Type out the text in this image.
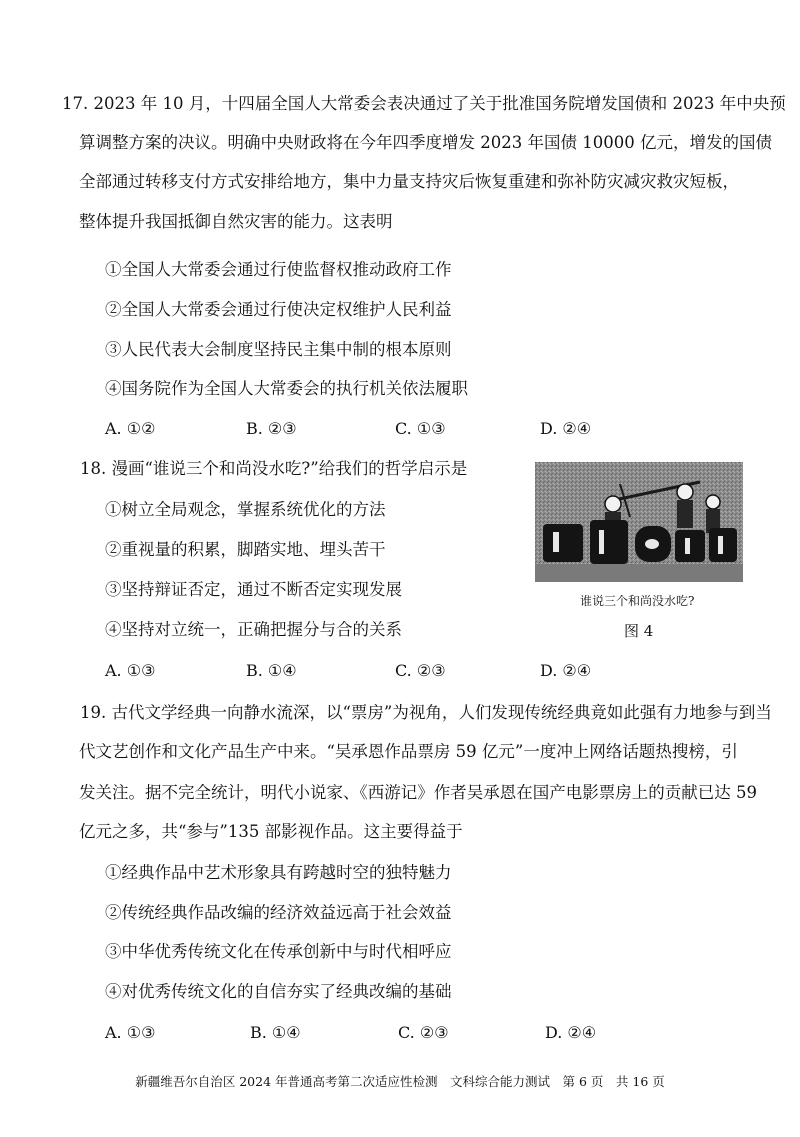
17. 2023 年 10 月，十四届全国人大常委会表决通过了关于批准国务院增发国债和 2023 年中央预
算调整方案的决议。明确中央财政将在今年四季度增发 2023 年国债 10000 亿元，增发的国债
全部通过转移支付方式安排给地方，集中力量支持灾后恢复重建和弥补防灾减灾救灾短板，
整体提升我国抵御自然灾害的能力。这表明
①全国人大常委会通过行使监督权推动政府工作
②全国人大常委会通过行使决定权维护人民利益
③人民代表大会制度坚持民主集中制的根本原则
④国务院作为全国人大常委会的执行机关依法履职
A. ①②	B. ②③	C. ①③	D. ②④
18. 漫画“谁说三个和尚没水吃?”给我们的哲学启示是
①树立全局观念，掌握系统优化的方法
②重视量的积累，脚踏实地、埋头苦干
③坚持辩证否定，通过不断否定实现发展
④坚持对立统一，正确把握分与合的关系
A. ①③	B. ①④	C. ②③	D. ②④
谁说三个和尚没水吃?
图 4
19. 古代文学经典一向静水流深，以“票房”为视角，人们发现传统经典竟如此强有力地参与到当
代文艺创作和文化产品生产中来。“吴承恩作品票房 59 亿元”一度冲上网络话题热搜榜，引
发关注。据不完全统计，明代小说家、《西游记》作者吴承恩在国产电影票房上的贡献已达 59
亿元之多，共“参与”135 部影视作品。这主要得益于
①经典作品中艺术形象具有跨越时空的独特魅力
②传统经典作品改编的经济效益远高于社会效益
③中华优秀传统文化在传承创新中与时代相呼应
④对优秀传统文化的自信夯实了经典改编的基础
A. ①③	B. ①④	C. ②③	D. ②④
新疆维吾尔自治区 2024 年普通高考第二次适应性检测　文科综合能力测试　第 6 页　共 16 页
